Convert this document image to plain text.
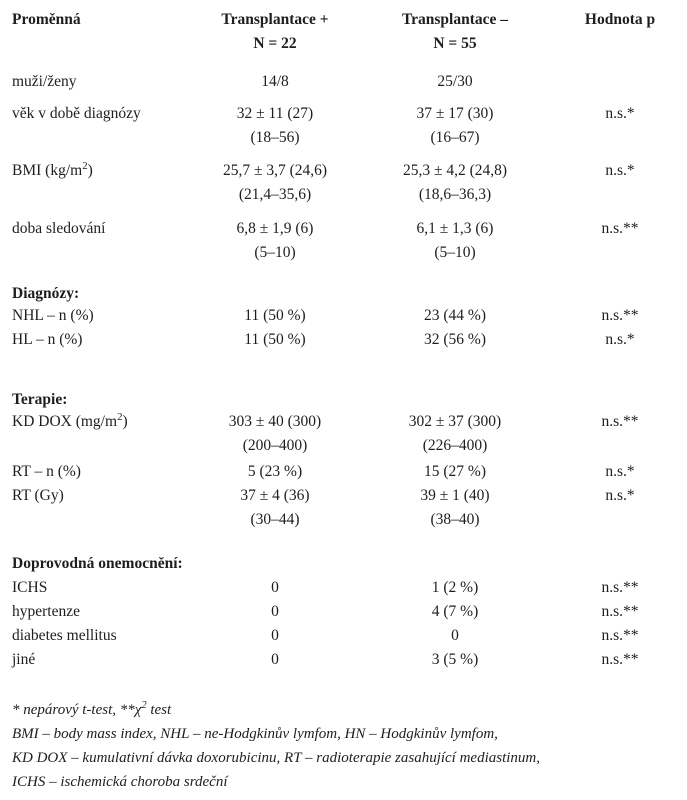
Proměnná	Transplantace +	Transplantace –	Hodnota p
N = 22	N = 55
muži/ženy	14/8	25/30
věk v době diagnózy	32 ± 11 (27)	37 ± 17 (30)	n.s.*
(18–56)	(16–67)
BMI $(kg/m^2)$	25,7 ± 3,7 (24,6)	25,3 ± 4,2 (24,8)	n.s.*
(21,4–35,6)	(18,6–36,3)
doba sledování	6,8 ± 1,9 (6)	6,1 ± 1,3 (6)	n.s.**
(5–10)	(5–10)
Diagnózy:
NHL – n (%)	11 (50 %)	23 (44 %)	n.s.**
HL – n (%)	11 (50 %)	32 (56 %)	n.s.*
Terapie:
KD DOX $(mg/m^2)$	303 ± 40 (300)	302 ± 37 (300)	n.s.**
(200–400)	(226–400)
RT – n (%)	5 (23 %)	15 (27 %)	n.s.*
RT (Gy)	37 ± 4 (36)	39 ± 1 (40)	n.s.*
(30–44)	(38–40)
Doprovodná onemocnění:
ICHS	0	1 (2 %)	n.s.**
hypertenze	0	4 (7 %)	n.s.**
diabetes mellitus	0	0	n.s.**
jiné	0	3 (5 %)	n.s.**
* nepárový t-test, $**\chi^2$ test
BMI – body mass index, NHL – ne-Hodgkinův lymfom, HN – Hodgkinův lymfom,
KD DOX – kumulativní dávka doxorubicinu, RT – radioterapie zasahující mediastinum,
ICHS – ischemická choroba srdeční
